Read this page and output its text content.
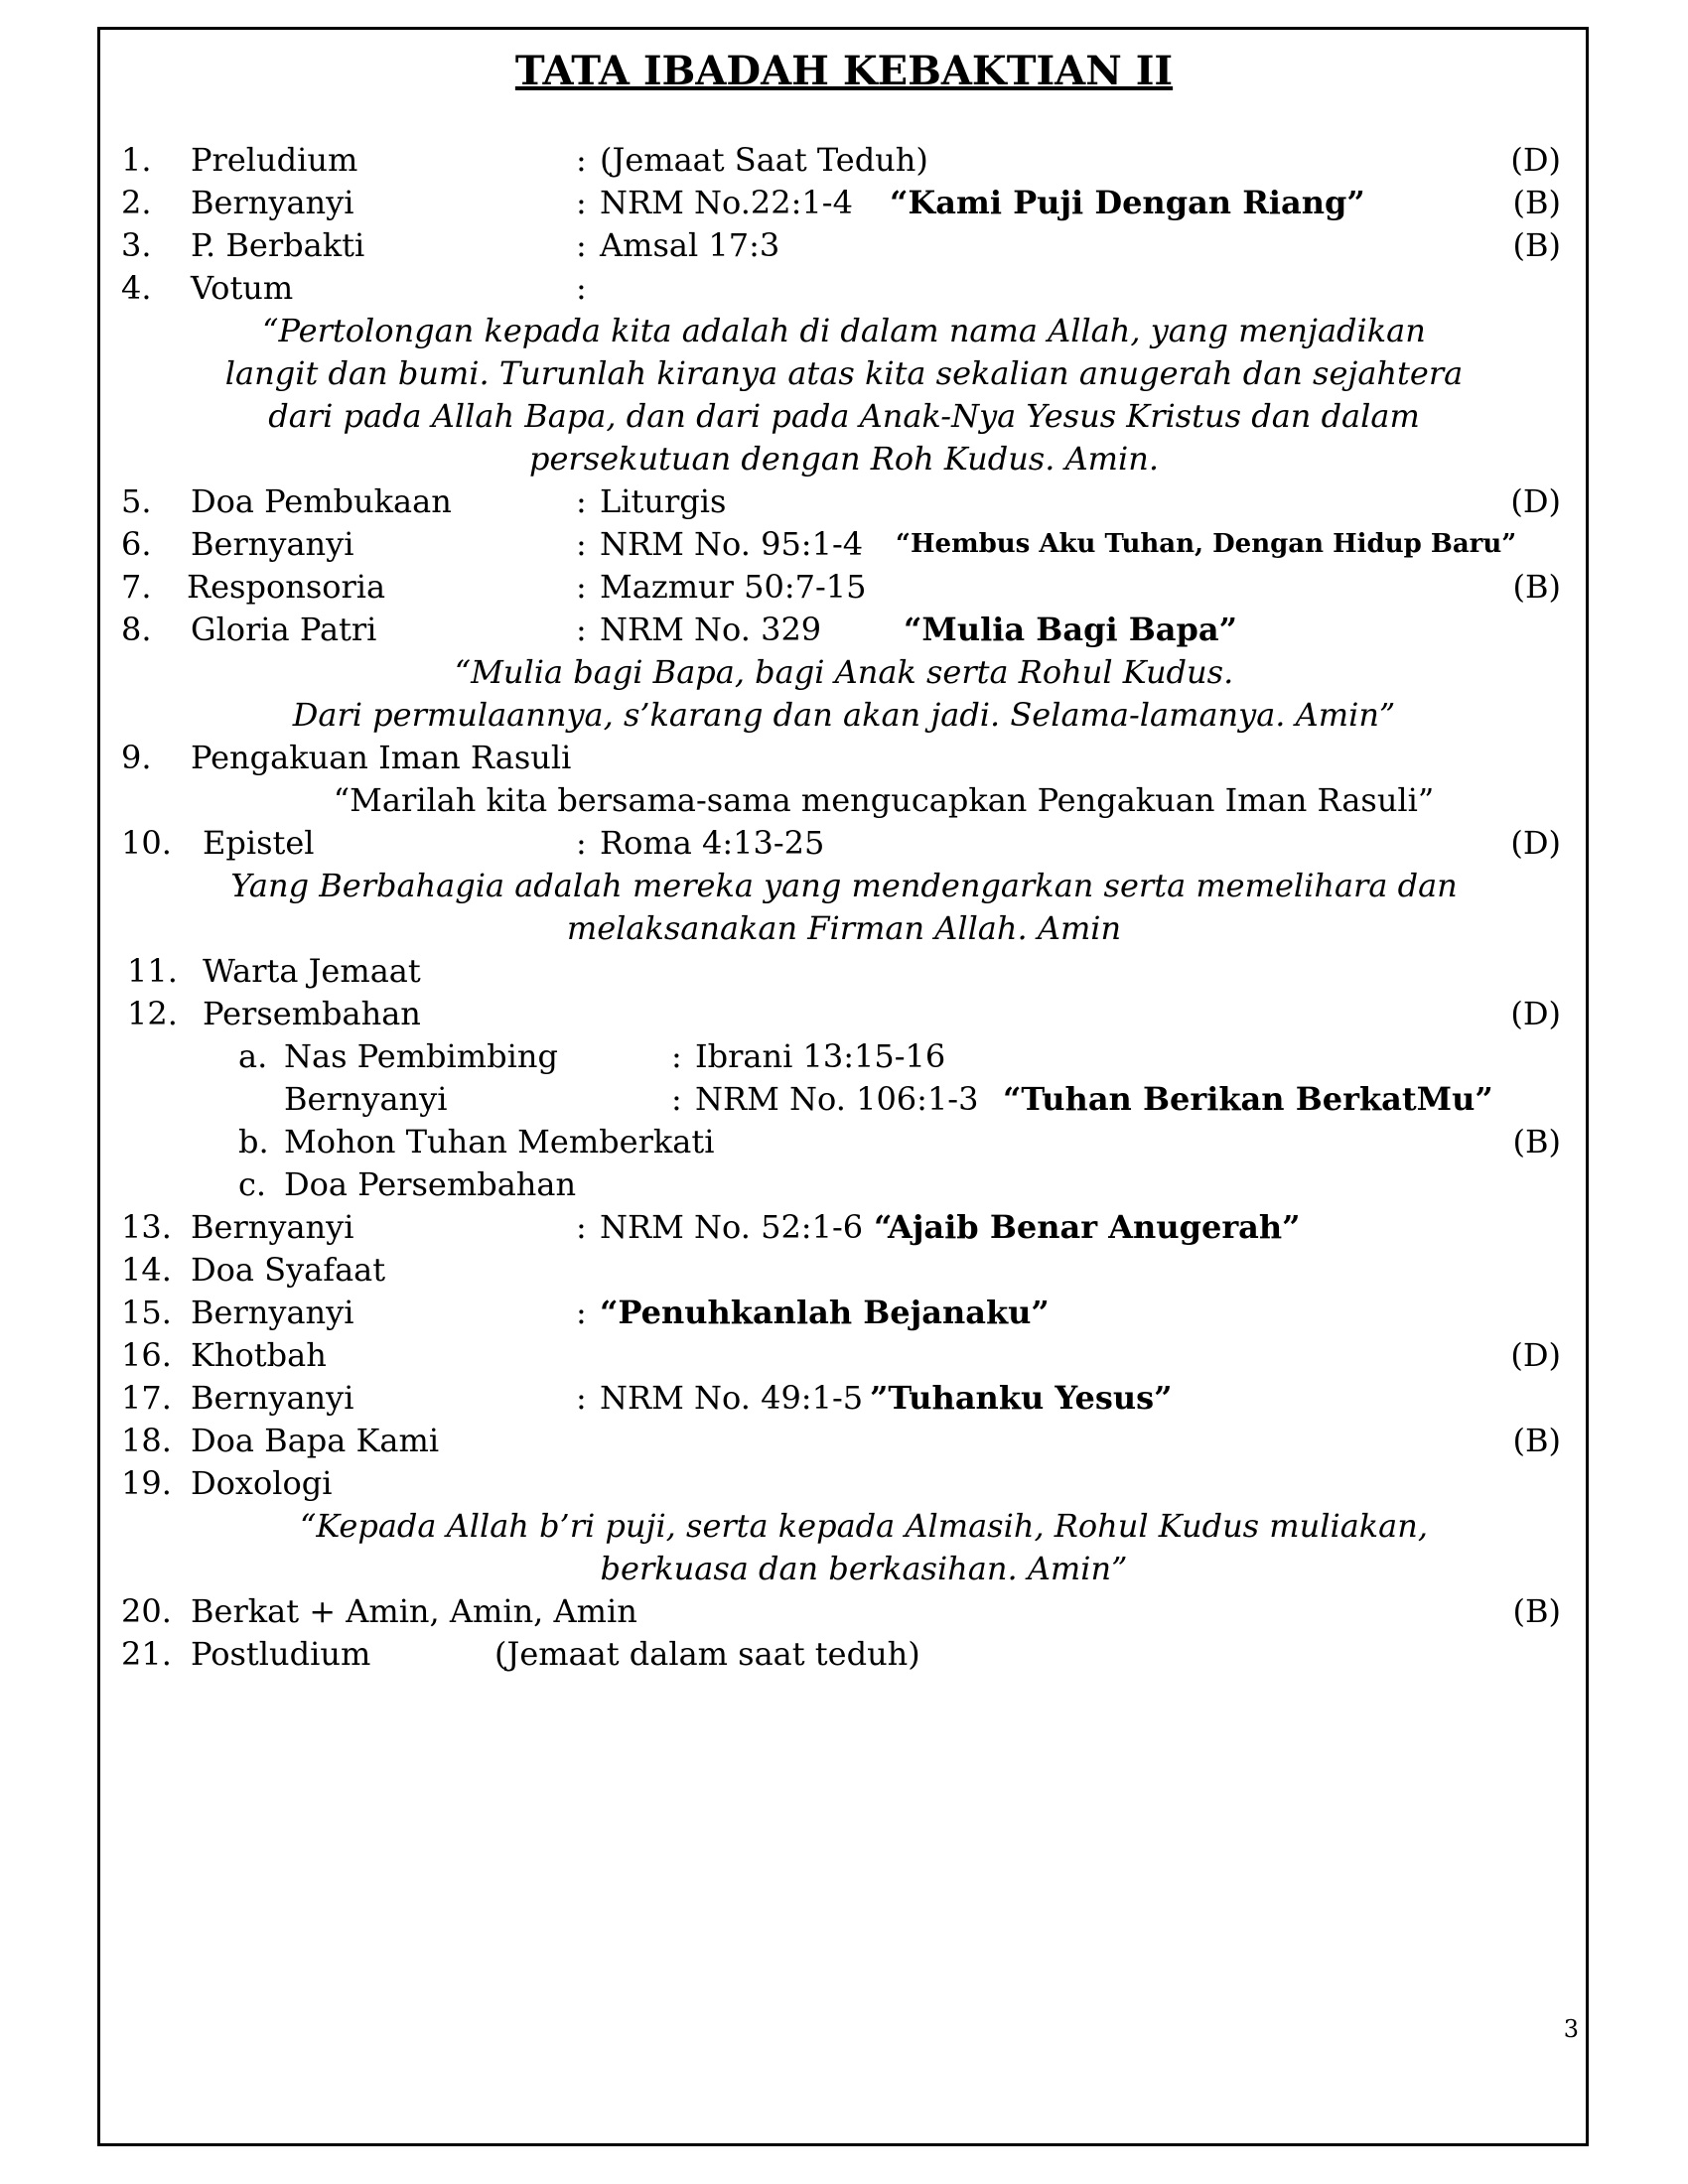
TATA IBADAH KEBAKTIAN II
1. Preludium	: (Jemaat Saat Teduh)	(D)
2. Bernyanyi	: NRM No.22:1-4 “Kami Puji Dengan Riang”	(B)
3. P. Berbakti	: Amsal 17:3	(B)
4. Votum	:
“Pertolongan kepada kita adalah di dalam nama Allah, yang menjadikan
langit dan bumi. Turunlah kiranya atas kita sekalian anugerah dan sejahtera
dari pada Allah Bapa, dan dari pada Anak-Nya Yesus Kristus dan dalam
persekutuan dengan Roh Kudus. Amin.
5. Doa Pembukaan	: Liturgis	(D)
6. Bernyanyi	: NRM No. 95:1-4 “Hembus Aku Tuhan, Dengan Hidup Baru”
7. Responsoria	: Mazmur 50:7-15	(B)
8. Gloria Patri	: NRM No. 329	“Mulia Bagi Bapa”
“Mulia bagi Bapa, bagi Anak serta Rohul Kudus.
Dari permulaannya, s’karang dan akan jadi. Selama-lamanya. Amin”
9. Pengakuan Iman Rasuli
“Marilah kita bersama-sama mengucapkan Pengakuan Iman Rasuli”
10. Epistel	: Roma 4:13-25	(D)
Yang Berbahagia adalah mereka yang mendengarkan serta memelihara dan
melaksanakan Firman Allah. Amin
11. Warta Jemaat
12. Persembahan	(D)
a. Nas Pembimbing	: Ibrani 13:15-16
Bernyanyi	: NRM No. 106:1-3 “Tuhan Berikan BerkatMu”
b. Mohon Tuhan Memberkati	(B)
c. Doa Persembahan
13. Bernyanyi	: NRM No. 52:1-6 “Ajaib Benar Anugerah”
14. Doa Syafaat
15. Bernyanyi	: “Penuhkanlah Bejanaku”
16. Khotbah	(D)
17. Bernyanyi	: NRM No. 49:1-5 ”Tuhanku Yesus”
18. Doa Bapa Kami	(B)
19. Doxologi
“Kepada Allah b’ri puji, serta kepada Almasih, Rohul Kudus muliakan,
berkuasa dan berkasihan. Amin”
20. Berkat + Amin, Amin, Amin	(B)
21. Postludium	(Jemaat dalam saat teduh)
3
